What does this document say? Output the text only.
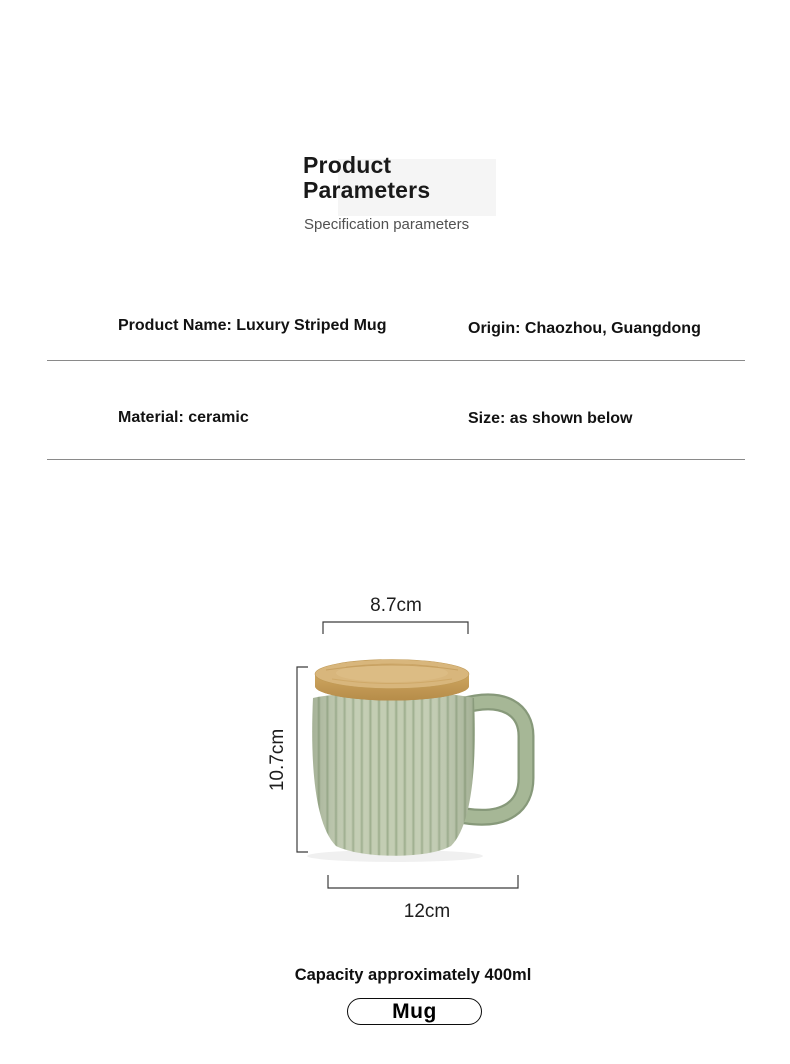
Product Parameters
Specification parameters
Product Name: Luxury Striped Mug	Origin: Chaozhou, Guangdong
Material: ceramic	Size: as shown below
8.7cm
10.7cm
12cm
Capacity approximately 400ml
Mug
